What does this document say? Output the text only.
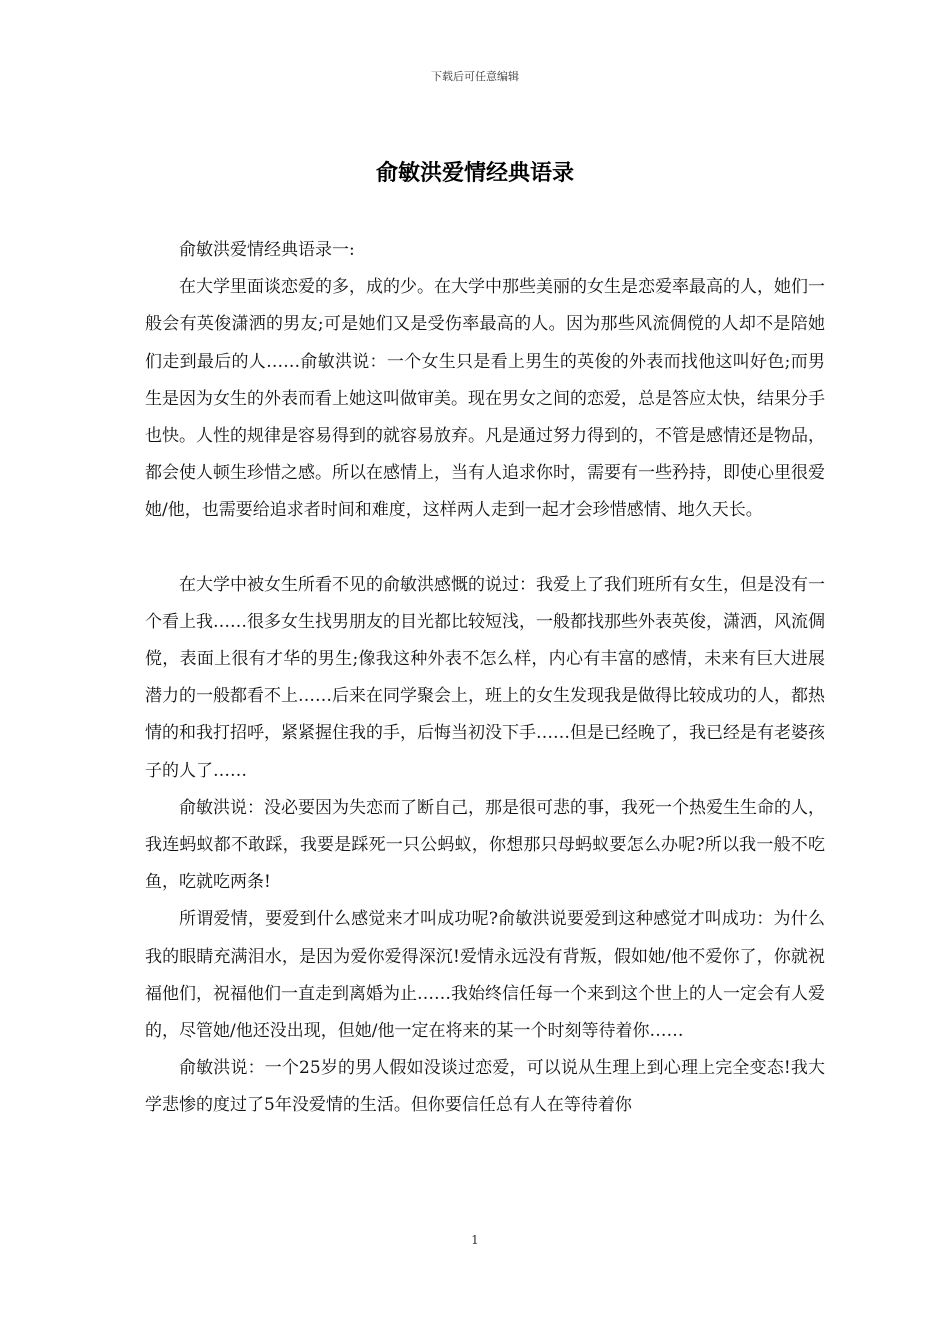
下载后可任意编辑
俞敏洪爱情经典语录

俞敏洪爱情经典语录一:

在大学里面谈恋爱的多，成的少。在大学中那些美丽的女生是恋爱率最高的人，她们一般会有英俊潇洒的男友;可是她们又是受伤率最高的人。因为那些风流倜傥的人却不是陪她们走到最后的人……俞敏洪说：一个女生只是看上男生的英俊的外表而找他这叫好色;而男生是因为女生的外表而看上她这叫做审美。现在男女之间的恋爱，总是答应太快，结果分手也快。人性的规律是容易得到的就容易放弃。凡是通过努力得到的，不管是感情还是物品，都会使人顿生珍惜之感。所以在感情上，当有人追求你时，需要有一些矜持，即使心里很爱她/他，也需要给追求者时间和难度，这样两人走到一起才会珍惜感情、地久天长。

在大学中被女生所看不见的俞敏洪感慨的说过：我爱上了我们班所有女生，但是没有一个看上我……很多女生找男朋友的目光都比较短浅，一般都找那些外表英俊，潇洒，风流倜傥，表面上很有才华的男生;像我这种外表不怎么样，内心有丰富的感情，未来有巨大进展潜力的一般都看不上……后来在同学聚会上，班上的女生发现我是做得比较成功的人，都热情的和我打招呼，紧紧握住我的手，后悔当初没下手……但是已经晚了，我已经是有老婆孩子的人了……

俞敏洪说：没必要因为失恋而了断自己，那是很可悲的事，我死一个热爱生生命的人，我连蚂蚁都不敢踩，我要是踩死一只公蚂蚁，你想那只母蚂蚁要怎么办呢?所以我一般不吃鱼，吃就吃两条!

所谓爱情，要爱到什么感觉来才叫成功呢?俞敏洪说要爱到这种感觉才叫成功：为什么我的眼睛充满泪水，是因为爱你爱得深沉!爱情永远没有背叛，假如她/他不爱你了，你就祝福他们，祝福他们一直走到离婚为止……我始终信任每一个来到这个世上的人一定会有人爱的，尽管她/他还没出现，但她/他一定在将来的某一个时刻等待着你……

俞敏洪说：一个25岁的男人假如没谈过恋爱，可以说从生理上到心理上完全变态!我大学悲惨的度过了5年没爱情的生活。但你要信任总有人在等待着你

1
